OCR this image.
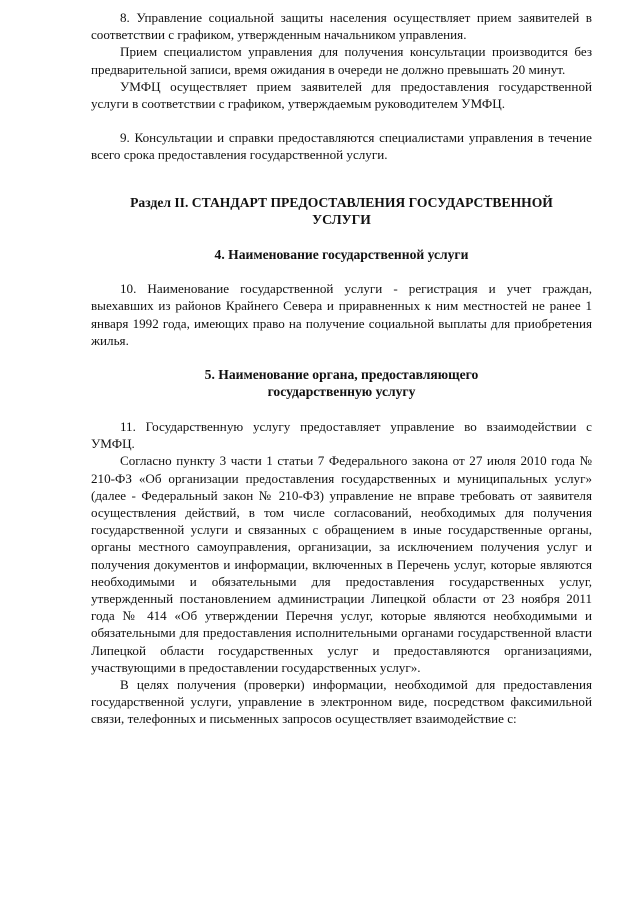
8. Управление социальной защиты населения осуществляет прием заявителей в соответствии с графиком, утвержденным начальником управления.

Прием специалистом управления для получения консультации производится без предварительной записи, время ожидания в очереди не должно превышать 20 минут.

УМФЦ осуществляет прием заявителей для предоставления государственной услуги в соответствии с графиком, утверждаемым руководителем УМФЦ.

9. Консультации и справки предоставляются специалистами управления в течение всего срока предоставления государственной услуги.

Раздел II. СТАНДАРТ ПРЕДОСТАВЛЕНИЯ ГОСУДАРСТВЕННОЙ
УСЛУГИ
4. Наименование государственной услуги

10. Наименование государственной услуги - регистрация и учет граждан, выехавших из районов Крайнего Севера и приравненных к ним местностей не ранее 1 января 1992 года, имеющих право на получение социальной выплаты для приобретения жилья.

5. Наименование органа, предоставляющего
государственную услугу

11. Государственную услугу предоставляет управление во взаимодействии с УМФЦ.

Согласно пункту 3 части 1 статьи 7 Федерального закона от 27 июля 2010 года № 210-ФЗ «Об организации предоставления государственных и муниципальных услуг» (далее - Федеральный закон № 210-ФЗ) управление не вправе требовать от заявителя осуществления действий, в том числе согласований, необходимых для получения государственной услуги и связанных с обращением в иные государственные органы, органы местного самоуправления, организации, за исключением получения услуг и получения документов и информации, включенных в Перечень услуг, которые являются необходимыми и обязательными для предоставления государственных услуг, утвержденный постановлением администрации Липецкой области от 23 ноября 2011 года № 414 «Об утверждении Перечня услуг, которые являются необходимыми и обязательными для предоставления исполнительными органами государственной власти Липецкой области государственных услуг и предоставляются организациями, участвующими в предоставлении государственных услуг».

В целях получения (проверки) информации, необходимой для предоставления государственной услуги, управление в электронном виде, посредством факсимильной связи, телефонных и письменных запросов осуществляет взаимодействие с:
